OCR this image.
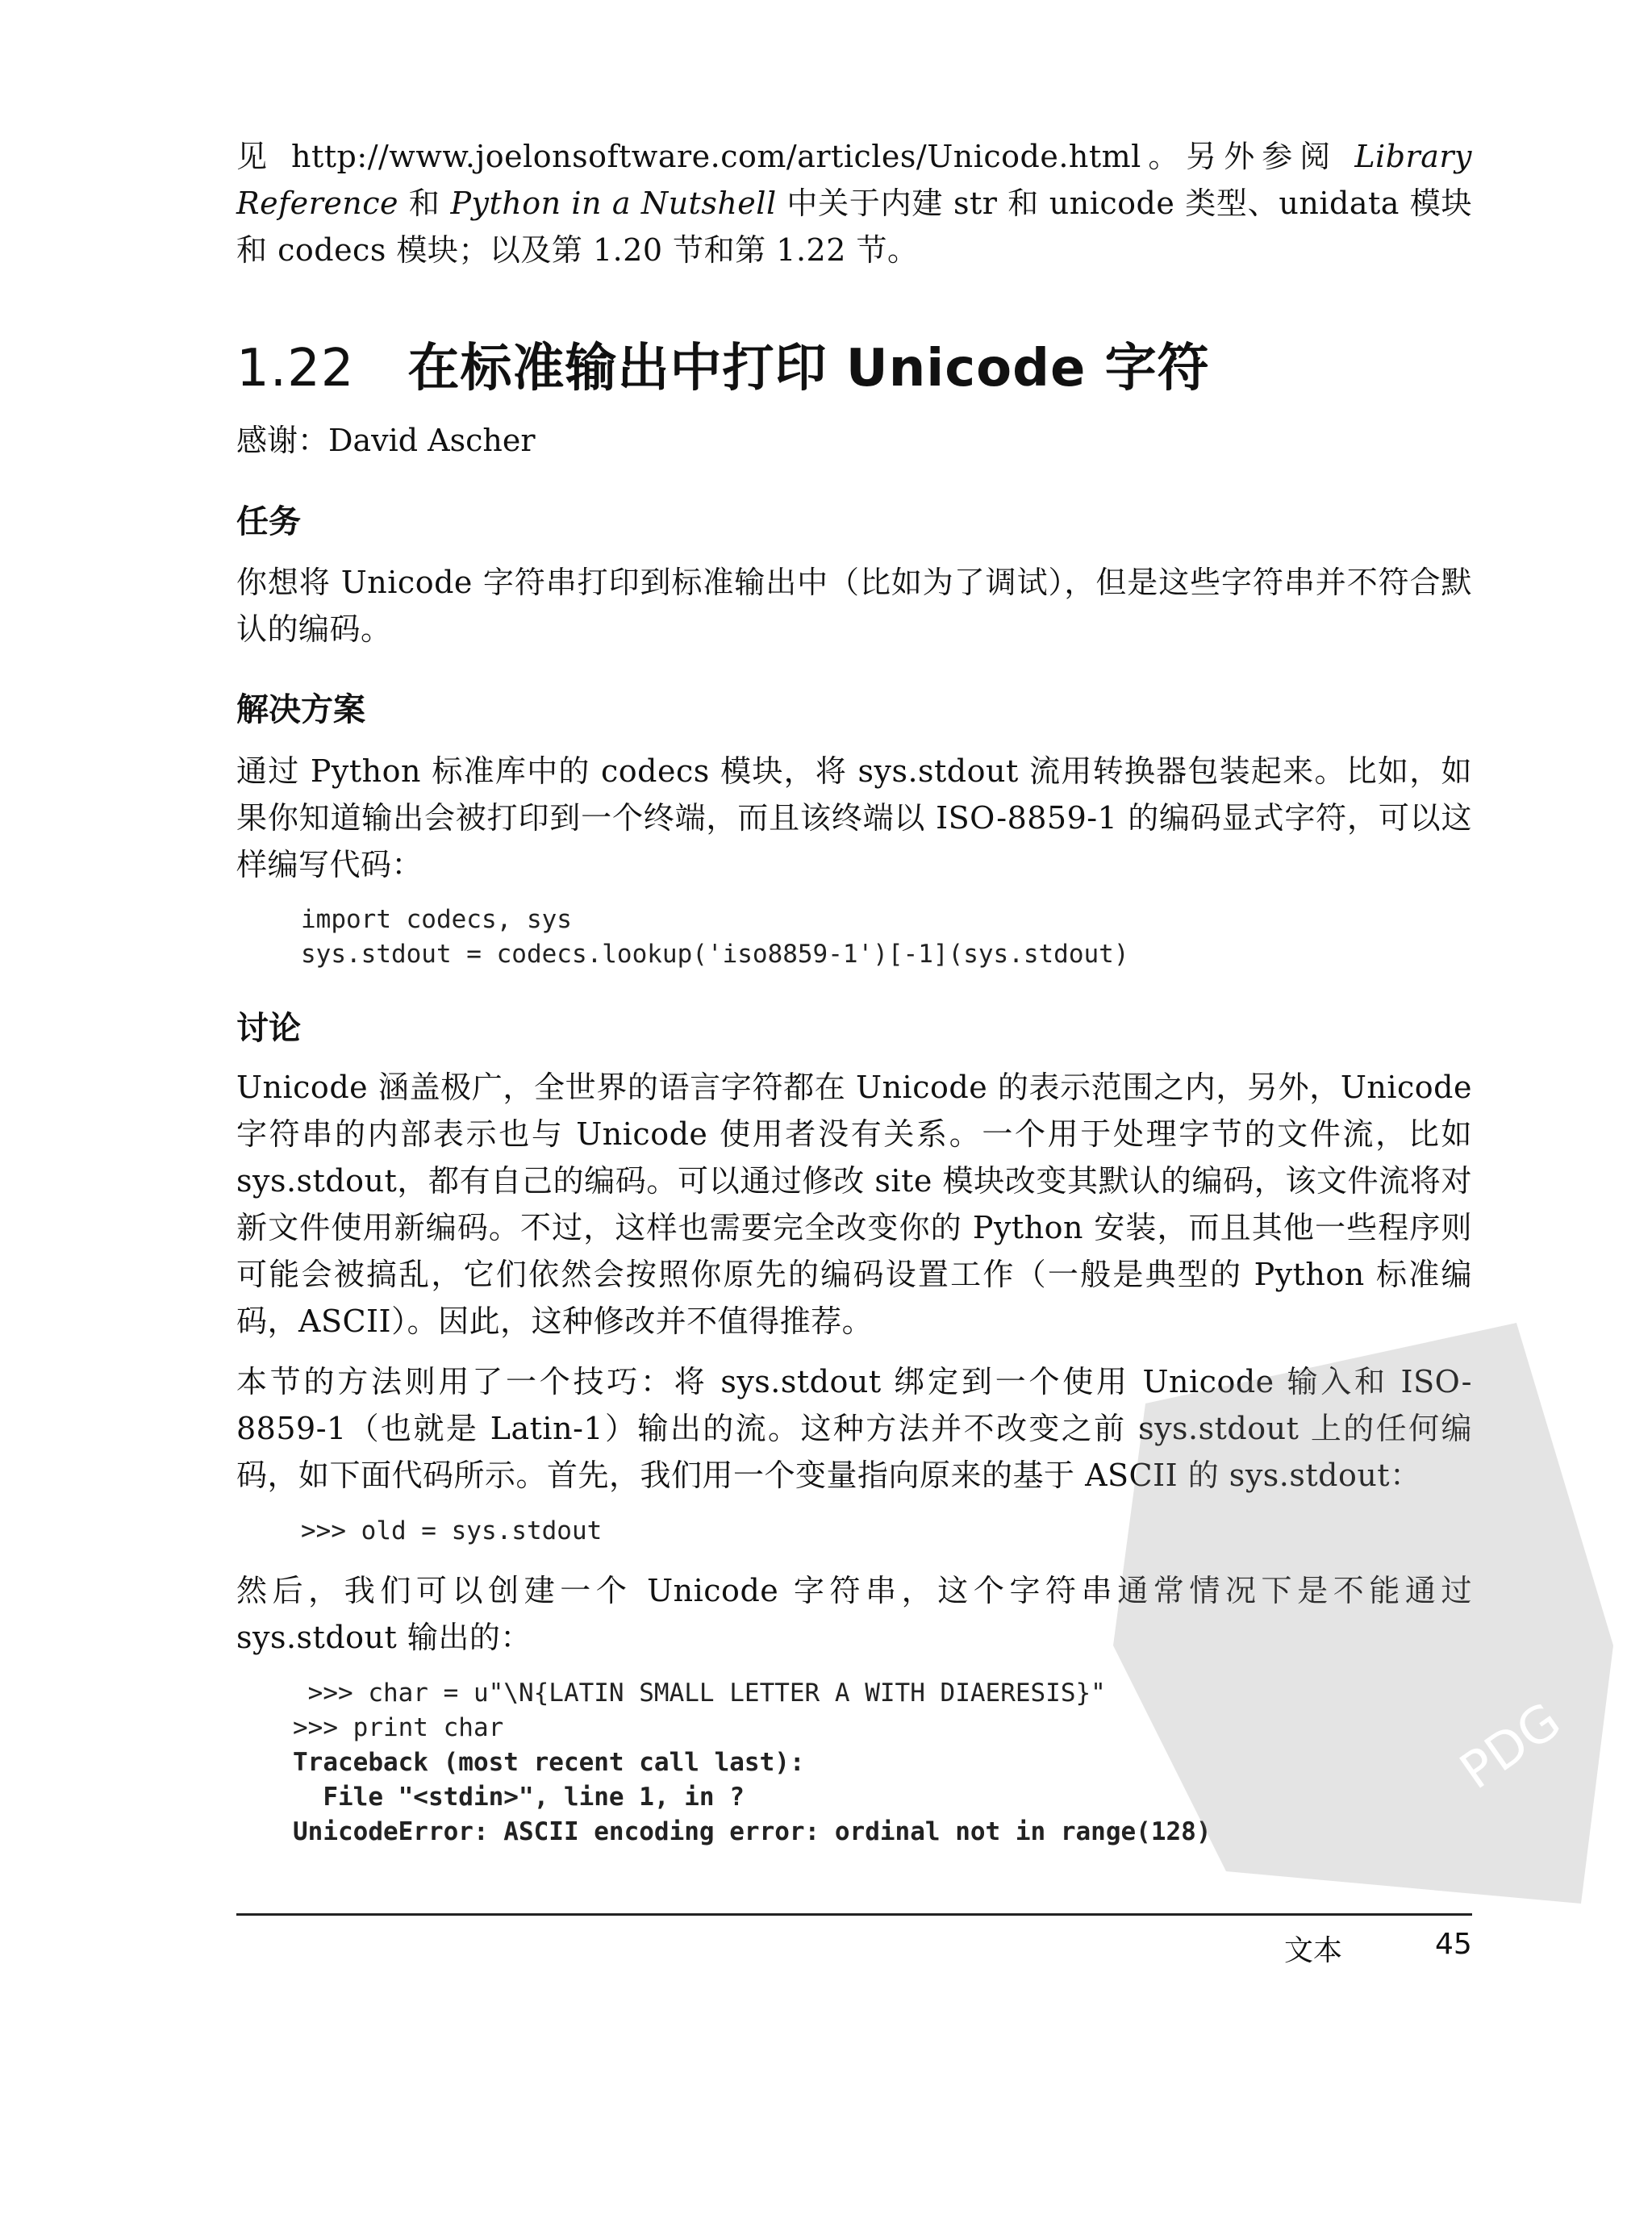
见 http://www.joelonsoftware.com/articles/Unicode.html。另外参阅 Library Reference 和 Python in a Nutshell 中关于内建 str 和 unicode 类型、unidata 模块和 codecs 模块；以及第 1.20 节和第 1.22 节。

1.22 在标准输出中打印 Unicode 字符
感谢：David Ascher
任务

你想将 Unicode 字符串打印到标准输出中（比如为了调试），但是这些字符串并不符合默认的编码。

解决方案

通过 Python 标准库中的 codecs 模块，将 sys.stdout 流用转换器包装起来。比如，如果你知道输出会被打印到一个终端，而且该终端以 ISO-8859-1 的编码显式字符，可以这样编写代码：

import codecs, sys
sys.stdout = codecs.lookup('iso8859-1')[-1](sys.stdout)
讨论

Unicode 涵盖极广，全世界的语言字符都在 Unicode 的表示范围之内，另外，Unicode 字符串的内部表示也与 Unicode 使用者没有关系。一个用于处理字节的文件流，比如 sys.stdout，都有自己的编码。可以通过修改 site 模块改变其默认的编码，该文件流将对新文件使用新编码。不过，这样也需要完全改变你的 Python 安装，而且其他一些程序则可能会被搞乱，它们依然会按照你原先的编码设置工作（一般是典型的 Python 标准编码，ASCII）。因此，这种修改并不值得推荐。

本节的方法则用了一个技巧：将 sys.stdout 绑定到一个使用 Unicode 输入和 ISO-8859-1（也就是 Latin-1）输出的流。这种方法并不改变之前 sys.stdout 上的任何编码，如下面代码所示。首先，我们用一个变量指向原来的基于 ASCII 的 sys.stdout：

>>> old = sys.stdout

然后，我们可以创建一个 Unicode 字符串，这个字符串通常情况下是不能通过 sys.stdout 输出的：

>>> char = u"\N{LATIN SMALL LETTER A WITH DIAERESIS}"
>>> print char
Traceback (most recent call last):
File "<stdin>", line 1, in ?
UnicodeError: ASCII encoding error: ordinal not in range(128)
PDG
文本	45
